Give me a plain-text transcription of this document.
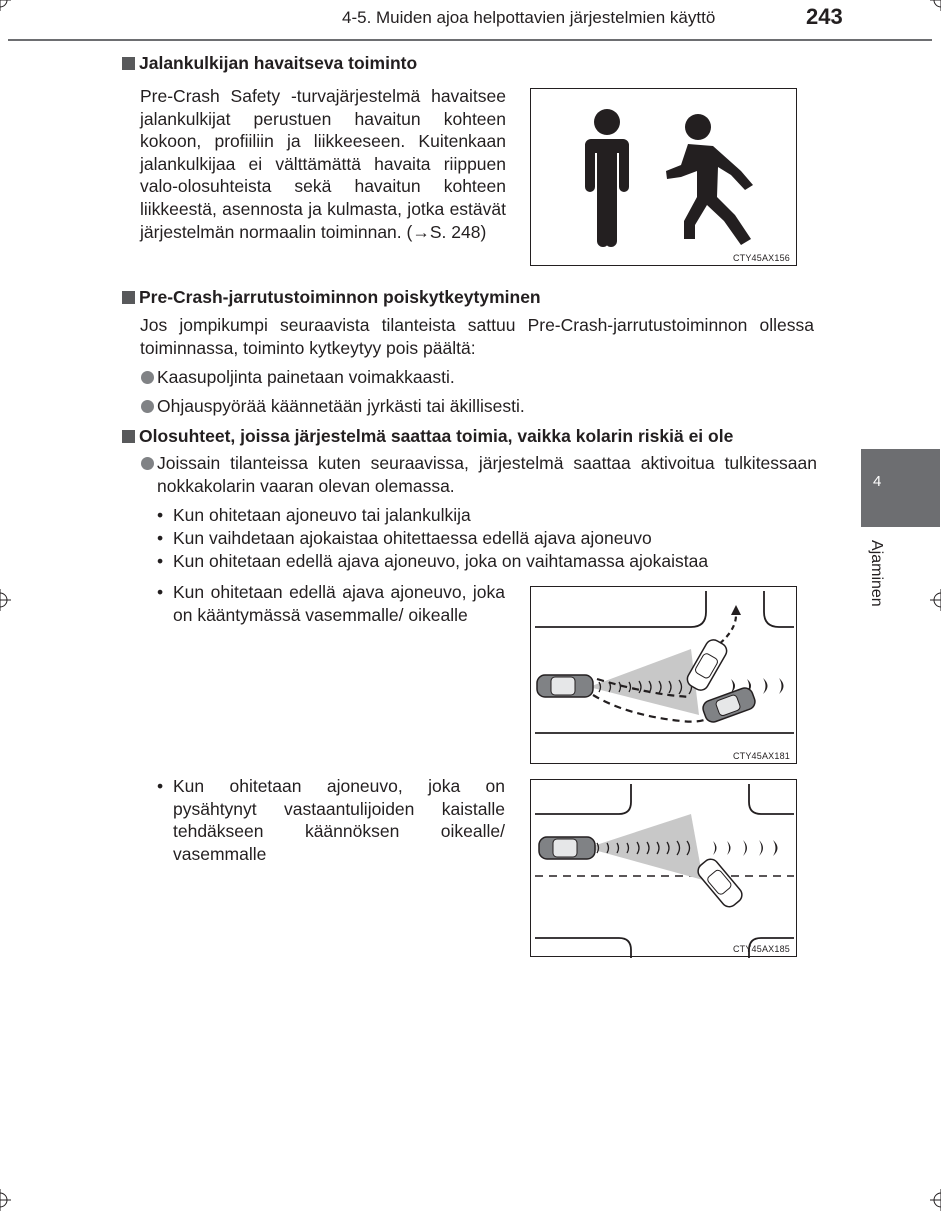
4-5. Muiden ajoa helpottavien järjestelmien käyttö	243
4
Ajaminen
Jalankulkijan havaitseva toiminto
Pre-Crash Safety -turvajärjestelmä havaitsee jalankulkijat perustuen havaitun kohteen kokoon, profiiliin ja liikkeeseen. Kuitenkaan jalankulkijaa ei välttämättä havaita riippuen valo-olosuhteista sekä havaitun kohteen liikkeestä, asennosta ja kulmasta, jotka estävät järjestelmän normaalin toiminnan. (→S. 248)
CTY45AX156
Pre-Crash-jarrutustoiminnon poiskytkeytyminen
Jos jompikumpi seuraavista tilanteista sattuu Pre-Crash-jarrutustoiminnon ollessa toiminnassa, toiminto kytkeytyy pois päältä:
Kaasupoljinta painetaan voimakkaasti.
Ohjauspyörää käännetään jyrkästi tai äkillisesti.
Olosuhteet, joissa järjestelmä saattaa toimia, vaikka kolarin riskiä ei ole
Joissain tilanteissa kuten seuraavissa, järjestelmä saattaa aktivoitua tulkitessaan nokkakolarin vaaran olevan olemassa.
• Kun ohitetaan ajoneuvo tai jalankulkija
• Kun vaihdetaan ajokaistaa ohitettaessa edellä ajava ajoneuvo
• Kun ohitetaan edellä ajava ajoneuvo, joka on vaihtamassa ajokaistaa
• Kun ohitetaan edellä ajava ajoneuvo, joka on kääntymässä vasemmalle/ oikealle
CTY45AX181
• Kun ohitetaan ajoneuvo, joka on pysähtynyt vastaantulijoiden kaistalle tehdäkseen käännöksen oikealle/ vasemmalle
CTY45AX185
